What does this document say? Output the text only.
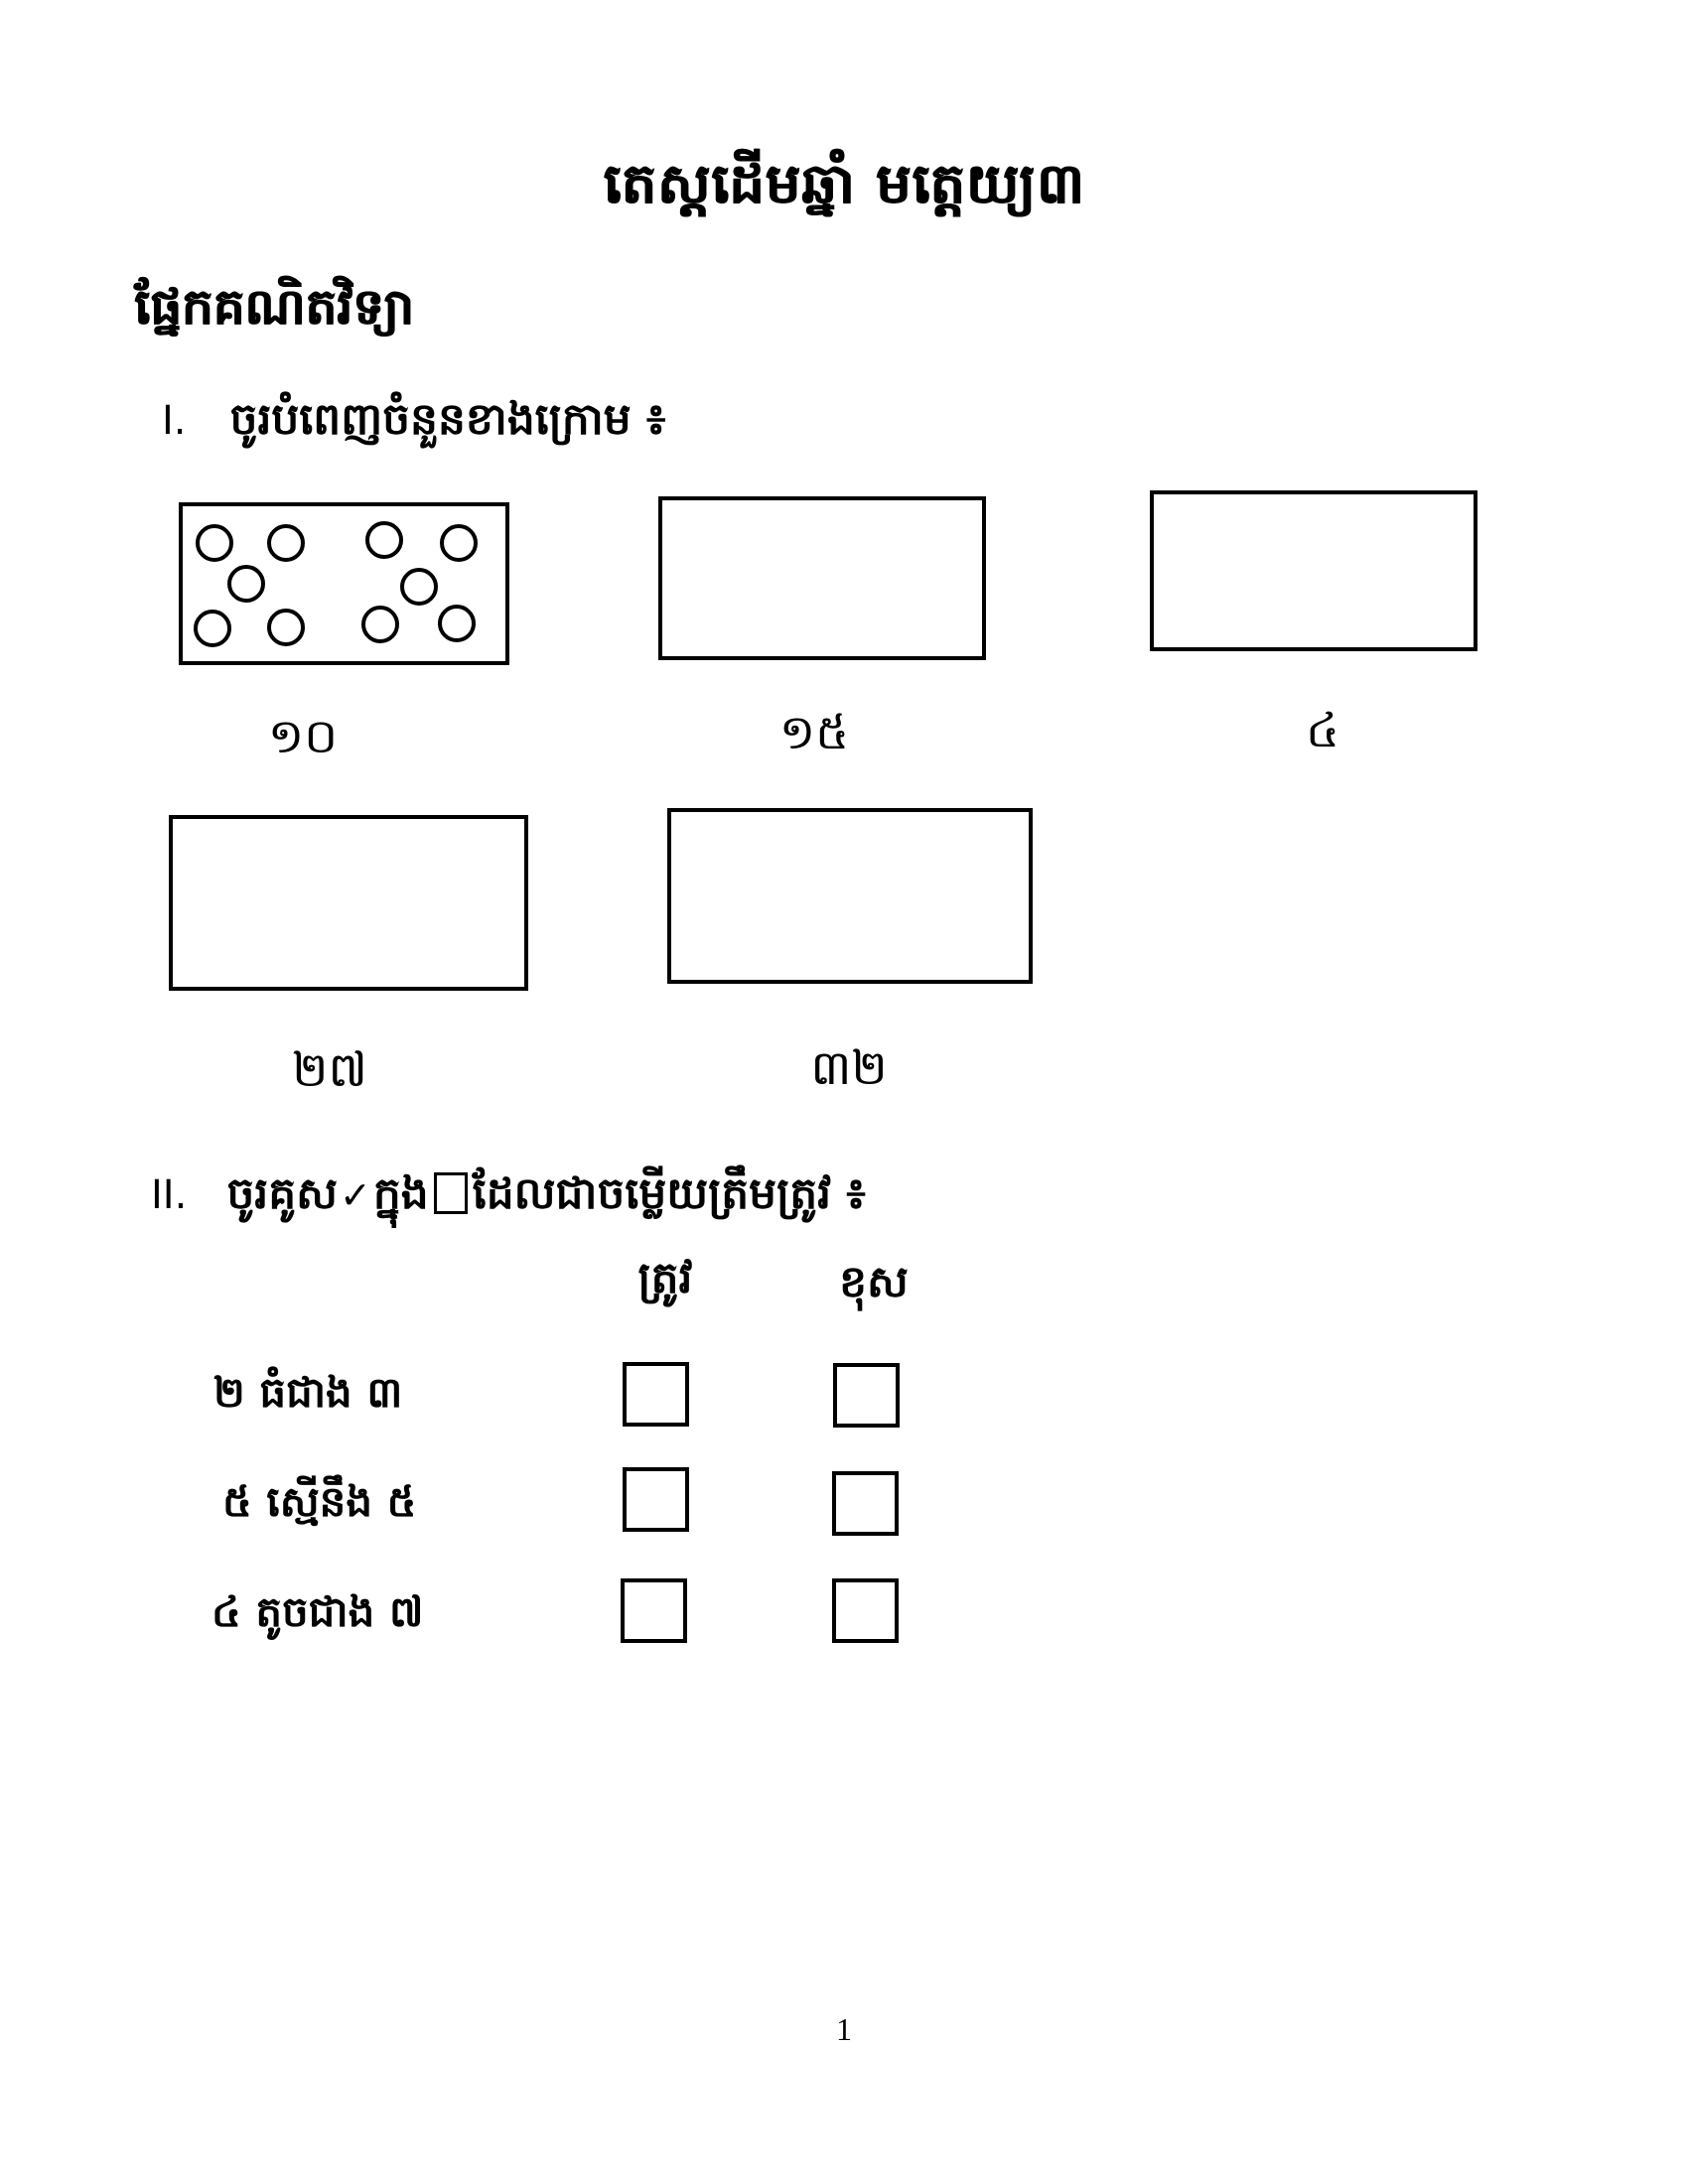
តេស្តដើមឆ្នាំ មត្តេយ្យ៣
ផ្នែកគណិតវិទ្យា
I. ចូរបំពេញចំនួនខាងក្រោម ៖
១០	១៥	៤
២៧	៣២
II. ចូរគូស✓ក្នុង ដែលជាចម្លើយត្រឹមត្រូវ ៖
ត្រូវ	ខុស
២ ធំជាង ៣
៥ ស្មើនឹង ៥
៤ តូចជាង ៧
1
